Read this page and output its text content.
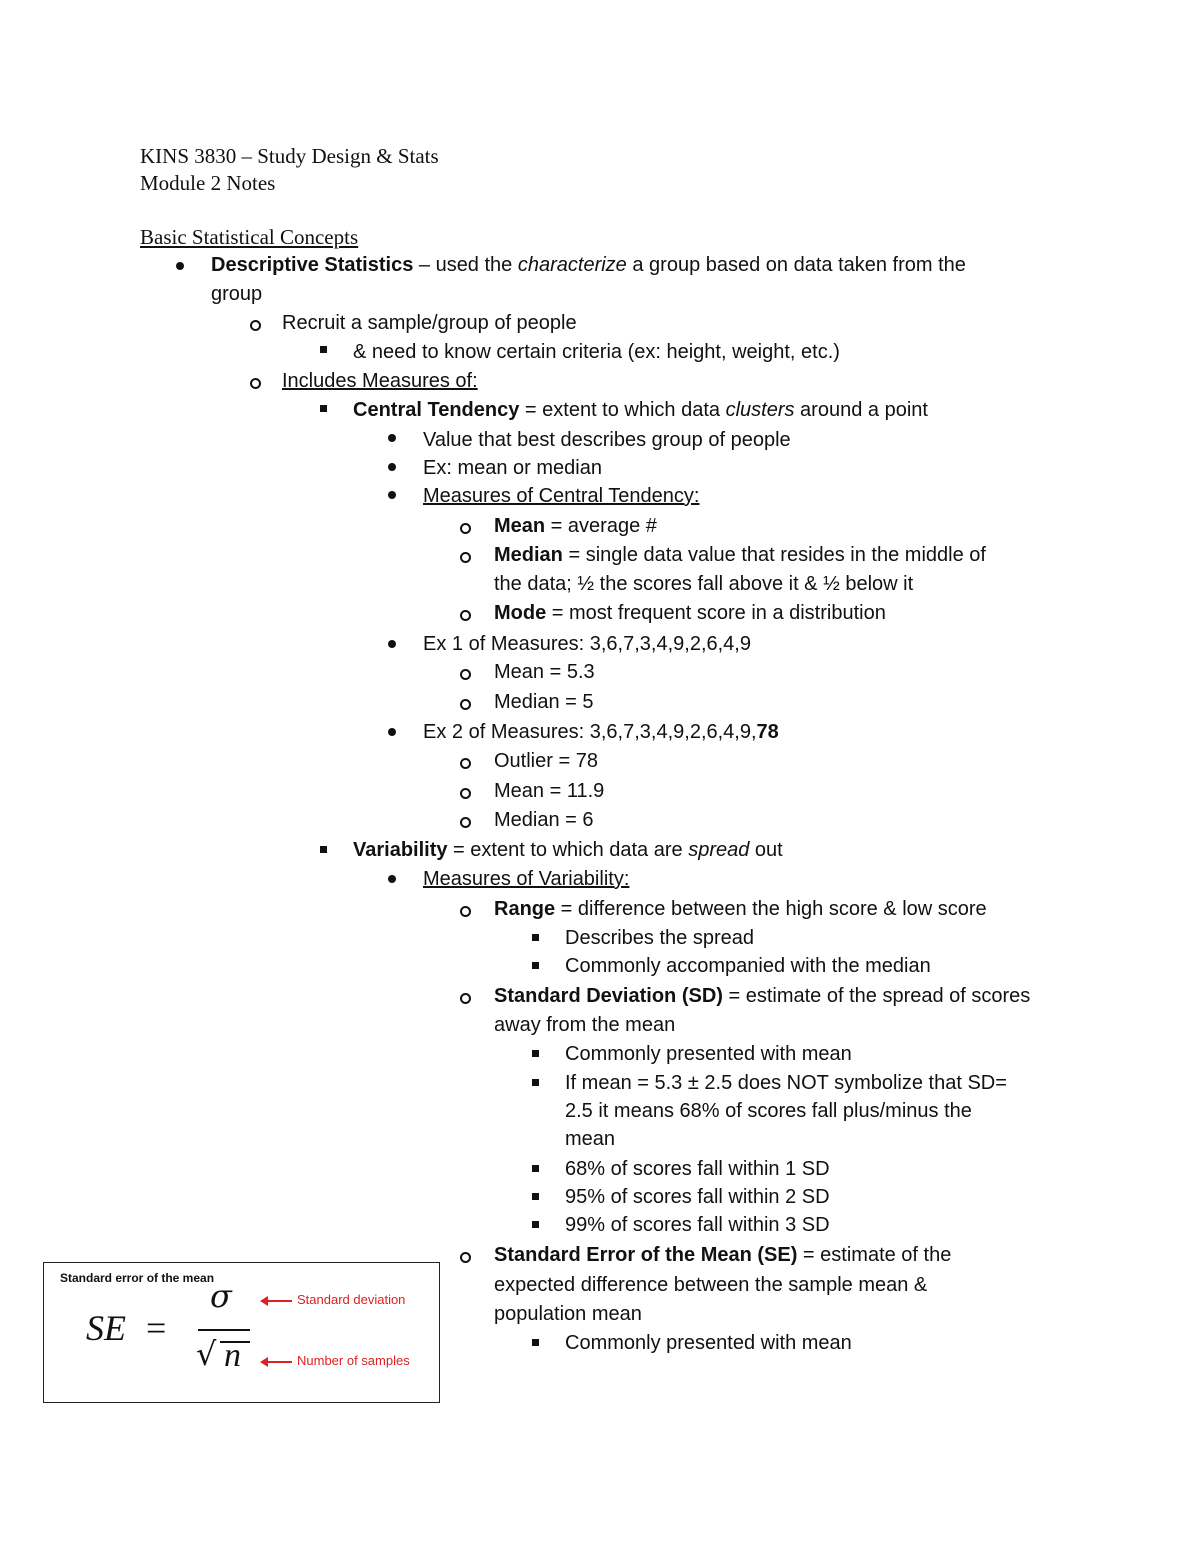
KINS 3830 – Study Design & Stats
Module 2 Notes
Basic Statistical Concepts
Descriptive Statistics – used the characterize a group based on data taken from the
group
Recruit a sample/group of people
& need to know certain criteria (ex: height, weight, etc.)
Includes Measures of:
Central Tendency = extent to which data clusters around a point
Value that best describes group of people
Ex: mean or median
Measures of Central Tendency:
Mean = average #
Median = single data value that resides in the middle of
the data; ½ the scores fall above it & ½ below it
Mode = most frequent score in a distribution
Ex 1 of Measures: 3,6,7,3,4,9,2,6,4,9
Mean = 5.3
Median = 5
Ex 2 of Measures: 3,6,7,3,4,9,2,6,4,9,78
Outlier = 78
Mean = 11.9
Median = 6
Variability = extent to which data are spread out
Measures of Variability:
Range = difference between the high score & low score
Describes the spread
Commonly accompanied with the median
Standard Deviation (SD) = estimate of the spread of scores
away from the mean
Commonly presented with mean
If mean = 5.3 ± 2.5 does NOT symbolize that SD=
2.5 it means 68% of scores fall plus/minus the
mean
68% of scores fall within 1 SD
95% of scores fall within 2 SD
99% of scores fall within 3 SD
Standard Error of the Mean (SE) = estimate of the
expected difference between the sample mean &
population mean
Commonly presented with mean
Standard error of the mean
SE =
σ
√ n
Standard deviation
Number of samples
